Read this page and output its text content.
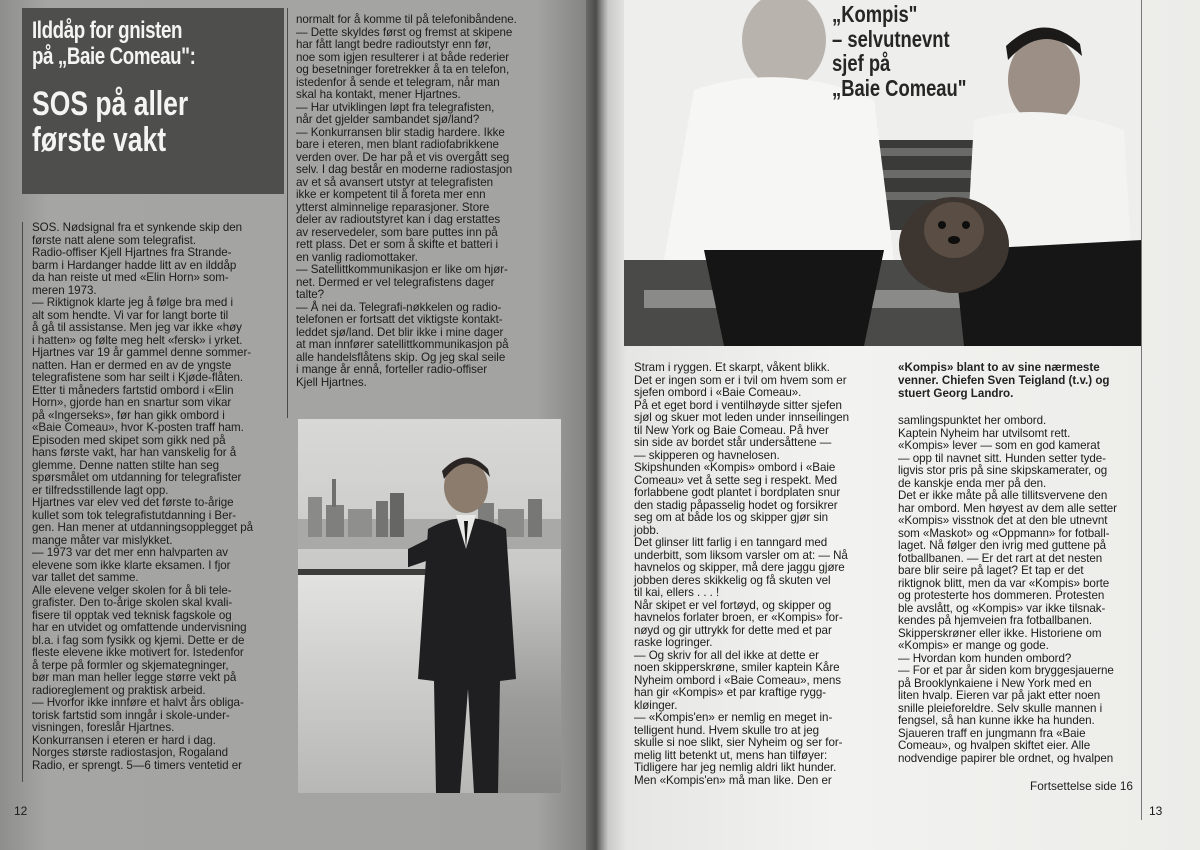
Ilddåp for gnisten
på „Baie Comeau":
SOS på aller
første vakt
SOS. Nødsignal fra et synkende skip den
første natt alene som telegrafist.
Radio-offiser Kjell Hjartnes fra Strande-
barm i Hardanger hadde litt av en ilddåp
da han reiste ut med «Elin Horn» som-
meren 1973.
— Riktignok klarte jeg å følge bra med i
alt som hendte. Vi var for langt borte til
å gå til assistanse. Men jeg var ikke «høy
i hatten» og følte meg helt «fersk» i yrket.
Hjartnes var 19 år gammel denne sommer-
natten. Han er dermed en av de yngste
telegrafistene som har seilt i Kjøde-flåten.
Etter ti måneders fartstid ombord i «Elin
Horn», gjorde han en snartur som vikar
på «Ingerseks», før han gikk ombord i
«Baie Comeau», hvor K-posten traff ham.
Episoden med skipet som gikk ned på
hans første vakt, har han vanskelig for å
glemme. Denne natten stilte han seg
spørsmålet om utdanning for telegrafister
er tilfredsstillende lagt opp.
Hjartnes var elev ved det første to-årige
kullet som tok telegrafistutdanning i Ber-
gen. Han mener at utdanningsopplegget på
mange måter var mislykket.
— 1973 var det mer enn halvparten av
elevene som ikke klarte eksamen. I fjor
var tallet det samme.
Alle elevene velger skolen for å bli tele-
grafister. Den to-årige skolen skal kvali-
fisere til opptak ved teknisk fagskole og
har en utvidet og omfattende undervisning
bl.a. i fag som fysikk og kjemi. Dette er de
fleste elevene ikke motivert for. Istedenfor
å terpe på formler og skjemategninger,
bør man man heller legge større vekt på
radioreglement og praktisk arbeid.
— Hvorfor ikke innføre et halvt års obliga-
torisk fartstid som inngår i skole-under-
visningen, foreslår Hjartnes.
Konkurransen i eteren er hard i dag.
Norges største radiostasjon, Rogaland
Radio, er sprengt. 5—6 timers ventetid er
normalt for å komme til på telefonibåndene.
— Dette skyldes først og fremst at skipene
har fått langt bedre radioutstyr enn før,
noe som igjen resulterer i at både rederier
og besetninger foretrekker å ta en telefon,
istedenfor å sende et telegram, når man
skal ha kontakt, mener Hjartnes.
— Har utviklingen løpt fra telegrafisten,
når det gjelder sambandet sjø/land?
— Konkurransen blir stadig hardere. Ikke
bare i eteren, men blant radiofabrikkene
verden over. De har på et vis overgått seg
selv. I dag består en moderne radiostasjon
av et så avansert utstyr at telegrafisten
ikke er kompetent til å foreta mer enn
ytterst alminnelige reparasjoner. Store
deler av radioutstyret kan i dag erstattes
av reservedeler, som bare puttes inn på
rett plass. Det er som å skifte et batteri i
en vanlig radiomottaker.
— Satellittkommunikasjon er like om hjør-
net. Dermed er vel telegrafistens dager
talte?
— Å nei da. Telegrafi-nøkkelen og radio-
telefonen er fortsatt det viktigste kontakt-
leddet sjø/land. Det blir ikke i mine dager
at man innfører satellittkommunikasjon på
alle handelsflåtens skip. Og jeg skal seile
i mange år ennå, forteller radio-offiser
Kjell Hjartnes.
12
„Kompis"
– selvutnevnt
sjef på
„Baie Comeau"
Stram i ryggen. Et skarpt, våkent blikk.
Det er ingen som er i tvil om hvem som er
sjefen ombord i «Baie Comeau».
På et eget bord i ventilhøyde sitter sjefen
sjøl og skuer mot leden under innseilingen
til New York og Baie Comeau. På hver
sin side av bordet står undersåttene —
— skipperen og havnelosen.
Skipshunden «Kompis» ombord i «Baie
Comeau» vet å sette seg i respekt. Med
forlabbene godt plantet i bordplaten snur
den stadig påpasselig hodet og forsikrer
seg om at både los og skipper gjør sin
jobb.
Det glinser litt farlig i en tanngard med
underbitt, som liksom varsler om at: — Nå
havnelos og skipper, må dere jaggu gjøre
jobben deres skikkelig og få skuten vel
til kai, ellers . . . !
Når skipet er vel fortøyd, og skipper og
havnelos forlater broen, er «Kompis» for-
nøyd og gir uttrykk for dette med et par
raske logringer.
— Og skriv for all del ikke at dette er
noen skipperskrøne, smiler kaptein Kåre
Nyheim ombord i «Baie Comeau», mens
han gir «Kompis» et par kraftige rygg-
kløinger.
— «Kompis'en» er nemlig en meget in-
telligent hund. Hvem skulle tro at jeg
skulle si noe slikt, sier Nyheim og ser for-
melig litt betenkt ut, mens han tilføyer:
Tidligere har jeg nemlig aldri likt hunder.
Men «Kompis'en» må man like. Den er
«Kompis» blant to av sine nærmeste
venner. Chiefen Sven Teigland (t.v.) og
stuert Georg Landro.
samlingspunktet her ombord.
Kaptein Nyheim har utvilsomt rett.
«Kompis» lever — som en god kamerat
— opp til navnet sitt. Hunden setter tyde-
ligvis stor pris på sine skipskamerater, og
de kanskje enda mer på den.
Det er ikke måte på alle tillitsvervene den
har ombord. Men høyest av dem alle setter
«Kompis» visstnok det at den ble utnevnt
som «Maskot» og «Oppmann» for fotball-
laget. Nå følger den ivrig med guttene på
fotballbanen. — Er det rart at det nesten
bare blir seire på laget? Et tap er det
riktignok blitt, men da var «Kompis» borte
og protesterte hos dommeren. Protesten
ble avslått, og «Kompis» var ikke tilsnak-
kendes på hjemveien fra fotballbanen.
Skipperskrøner eller ikke. Historiene om
«Kompis» er mange og gode.
— Hvordan kom hunden ombord?
— For et par år siden kom bryggesjauerne
på Brooklynkaiene i New York med en
liten hvalp. Eieren var på jakt etter noen
snille pleieforeldre. Selv skulle mannen i
fengsel, så han kunne ikke ha hunden.
Sjaueren traff en jungmann fra «Baie
Comeau», og hvalpen skiftet eier. Alle
nodvendige papirer ble ordnet, og hvalpen
Fortsettelse side 16
13
